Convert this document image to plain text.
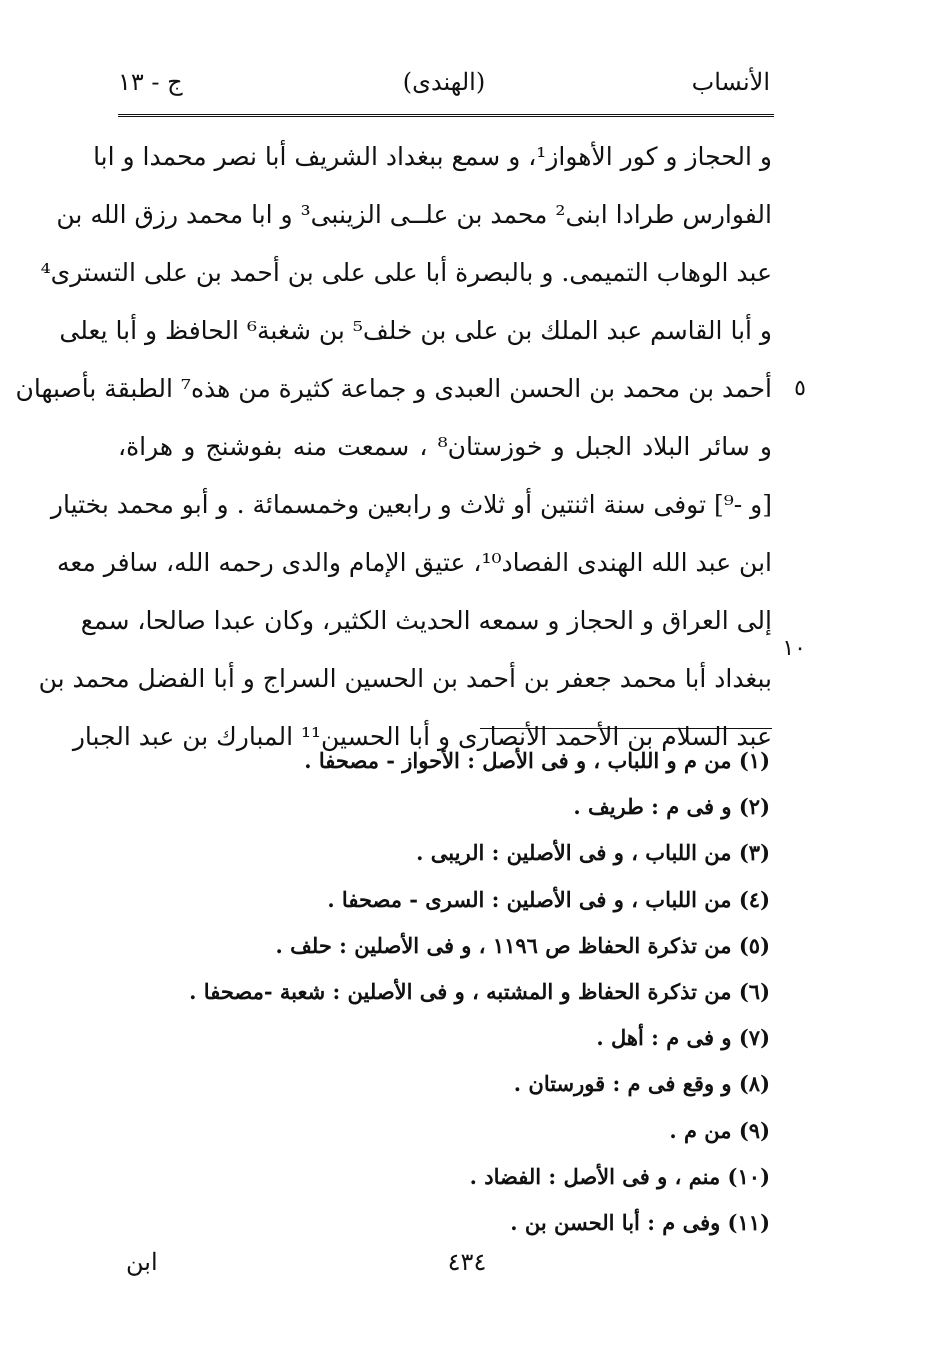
الأنساب
(الهندى)
ج - ١٣
و الحجاز و كور الأهواز¹، و سمع ببغداد الشريف أبا نصر محمدا و ابا
الفوارس طرادا ابنى² محمد بن علــى الزينبى³ و ابا محمد رزق الله بن
عبد الوهاب التميمى. و بالبصرة أبا على على بن أحمد بن على التسترى⁴
و أبا القاسم عبد الملك بن على بن خلف⁵ بن شغبة⁶ الحافظ و أبا يعلى
أحمد بن محمد بن الحسن العبدى و جماعة كثيرة من هذه⁷ الطبقة بأصبهان
و سائر البلاد الجبل و خوزستان⁸ ، سمعت منه بفوشنج و هراة،
[و -⁹] توفى سنة اثنتين أو ثلاث و رابعين وخمسمائة . و أبو محمد بختيار
ابن عبد الله الهندى الفصاد¹⁰، عتيق الإمام والدى رحمه الله، سافر معه
إلى العراق و الحجاز و سمعه الحديث الكثير، وكان عبدا صالحا، سمع
ببغداد أبا محمد جعفر بن أحمد بن الحسين السراج و أبا الفضل محمد بن
عبد السلام بن الأحمد الأنصارى و أبا الحسين¹¹ المبارك بن عبد الجبار
٥
١٠
(١) من م و اللباب ، و فى الأصل : الأحواز - مصحفا .
(٢) و فى م : طريف .
(٣) من اللباب ، و فى الأصلين : الريبى .
(٤) من اللباب ، و فى الأصلين : السرى - مصحفا .
(٥) من تذكرة الحفاظ ص ١١٩٦ ، و فى الأصلين : حلف .
(٦) من تذكرة الحفاظ و المشتبه ، و فى الأصلين : شعبة -مصحفا .
(٧) و فى م : أهل .
(٨) و وقع فى م : قورستان .
(٩) من م .
(١٠) منم ، و فى الأصل : الفضاد .
(١١) وفى م : أبا الحسن بن .
٤٣٤
ابن
